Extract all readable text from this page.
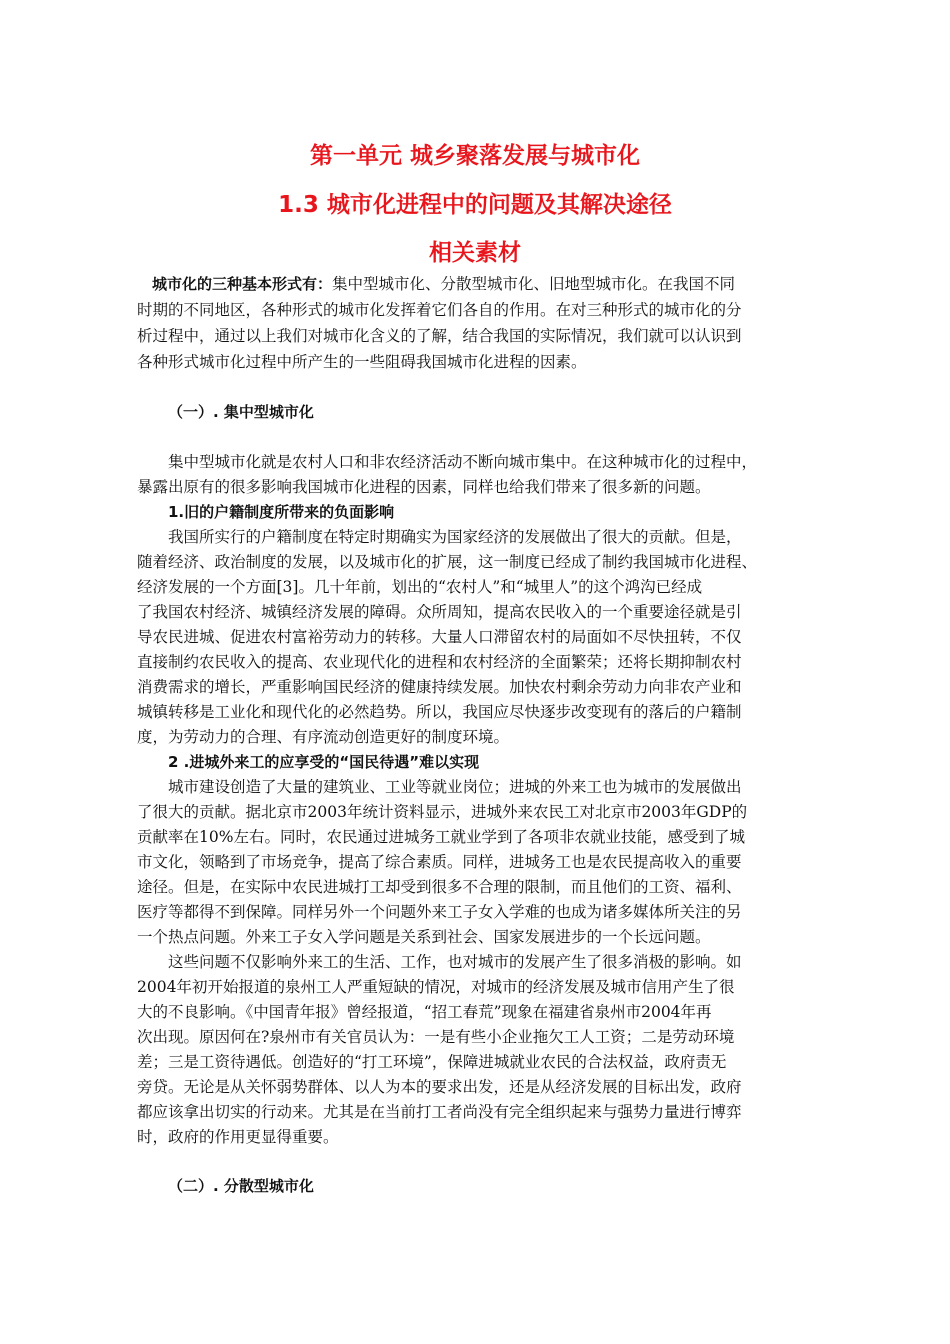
第一单元 城乡聚落发展与城市化
1.3 城市化进程中的问题及其解决途径
相关素材
城市化的三种基本形式有：集中型城市化、分散型城市化、旧地型城市化。在我国不同
时期的不同地区，各种形式的城市化发挥着它们各自的作用。在对三种形式的城市化的分
析过程中，通过以上我们对城市化含义的了解，结合我国的实际情况，我们就可以认识到
各种形式城市化过程中所产生的一些阻碍我国城市化进程的因素。
（一）. 集中型城市化
集中型城市化就是农村人口和非农经济活动不断向城市集中。在这种城市化的过程中，
暴露出原有的很多影响我国城市化进程的因素，同样也给我们带来了很多新的问题。
1.旧的户籍制度所带来的负面影响
我国所实行的户籍制度在特定时期确实为国家经济的发展做出了很大的贡献。但是，
随着经济、政治制度的发展，以及城市化的扩展，这一制度已经成了制约我国城市化进程、
经济发展的一个方面[3]。几十年前，划出的“农村人”和“城里人”的这个鸿沟已经成
了我国农村经济、城镇经济发展的障碍。众所周知，提高农民收入的一个重要途径就是引
导农民进城、促进农村富裕劳动力的转移。大量人口滞留农村的局面如不尽快扭转，不仅
直接制约农民收入的提高、农业现代化的进程和农村经济的全面繁荣；还将长期抑制农村
消费需求的增长，严重影响国民经济的健康持续发展。加快农村剩余劳动力向非农产业和
城镇转移是工业化和现代化的必然趋势。所以，我国应尽快逐步改变现有的落后的户籍制
度，为劳动力的合理、有序流动创造更好的制度环境。
2 .进城外来工的应享受的“国民待遇”难以实现
城市建设创造了大量的建筑业、工业等就业岗位；进城的外来工也为城市的发展做出
了很大的贡献。据北京市2003年统计资料显示，进城外来农民工对北京市2003年GDP的
贡献率在10%左右。同时，农民通过进城务工就业学到了各项非农就业技能，感受到了城
市文化，领略到了市场竞争，提高了综合素质。同样，进城务工也是农民提高收入的重要
途径。但是，在实际中农民进城打工却受到很多不合理的限制，而且他们的工资、福利、
医疗等都得不到保障。同样另外一个问题外来工子女入学难的也成为诸多媒体所关注的另
一个热点问题。外来工子女入学问题是关系到社会、国家发展进步的一个长远问题。
这些问题不仅影响外来工的生活、工作，也对城市的发展产生了很多消极的影响。如
2004年初开始报道的泉州工人严重短缺的情况，对城市的经济发展及城市信用产生了很
大的不良影响。《中国青年报》曾经报道，“招工春荒”现象在福建省泉州市2004年再
次出现。原因何在?泉州市有关官员认为：一是有些小企业拖欠工人工资；二是劳动环境
差；三是工资待遇低。创造好的“打工环境”，保障进城就业农民的合法权益，政府责无
旁贷。无论是从关怀弱势群体、以人为本的要求出发，还是从经济发展的目标出发，政府
都应该拿出切实的行动来。尤其是在当前打工者尚没有完全组织起来与强势力量进行博弈
时，政府的作用更显得重要。
（二）. 分散型城市化
